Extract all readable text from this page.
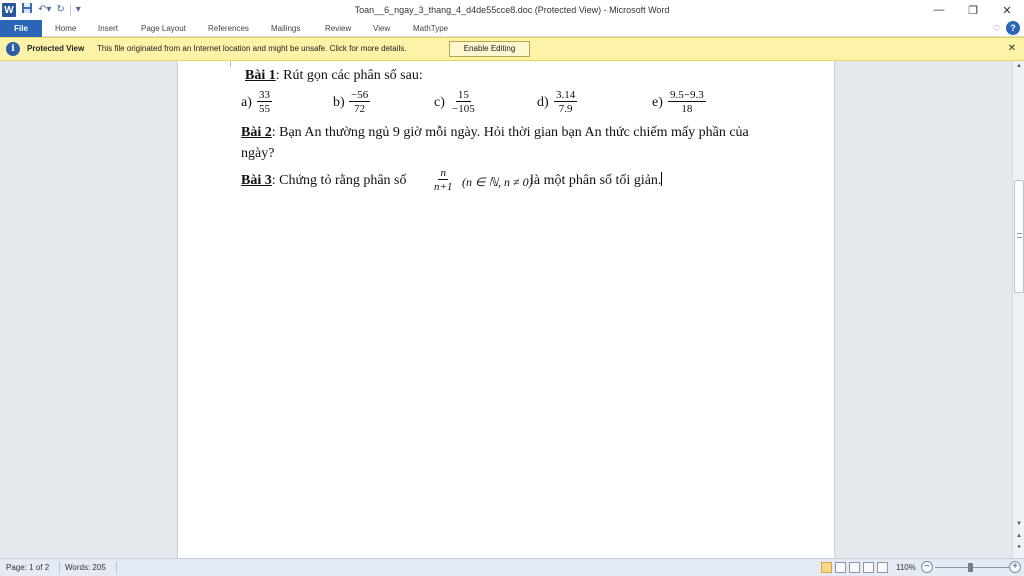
W ↶▾ ↻ ▾	Toan__6_ngay_3_thang_4_d4de55cce8.doc (Protected View) - Microsoft Word	—	❐	✕
File	Home	Insert	Page Layout	References	Mailings	Review	View	MathType	♡	?
i	Protected View This file originated from an Internet location and might be unsafe. Click for more details.	Enable Editing	✕
Bài 1: Rút gọn các phân số sau:
$a) \frac{33}{55}$	$b) \frac{-56}{72}$	$c) \frac{15}{-105}$	$d) \frac{3.14}{7.9}$	$e) \frac{9.5-9.3}{18}$
Bài 2: Bạn An thường ngủ 9 giờ mỗi ngày. Hỏi thời gian bạn An thức chiếm mấy phần của
ngày?
Bài 3: Chứng tỏ rằng phân số $\frac{n}{n+1} (n$ ∈ ℕ, n ≠ 0)
là một phân số tối giản.
▲
▼
▲
●
Page: 1 of 2 Words: 205	110% −	+
